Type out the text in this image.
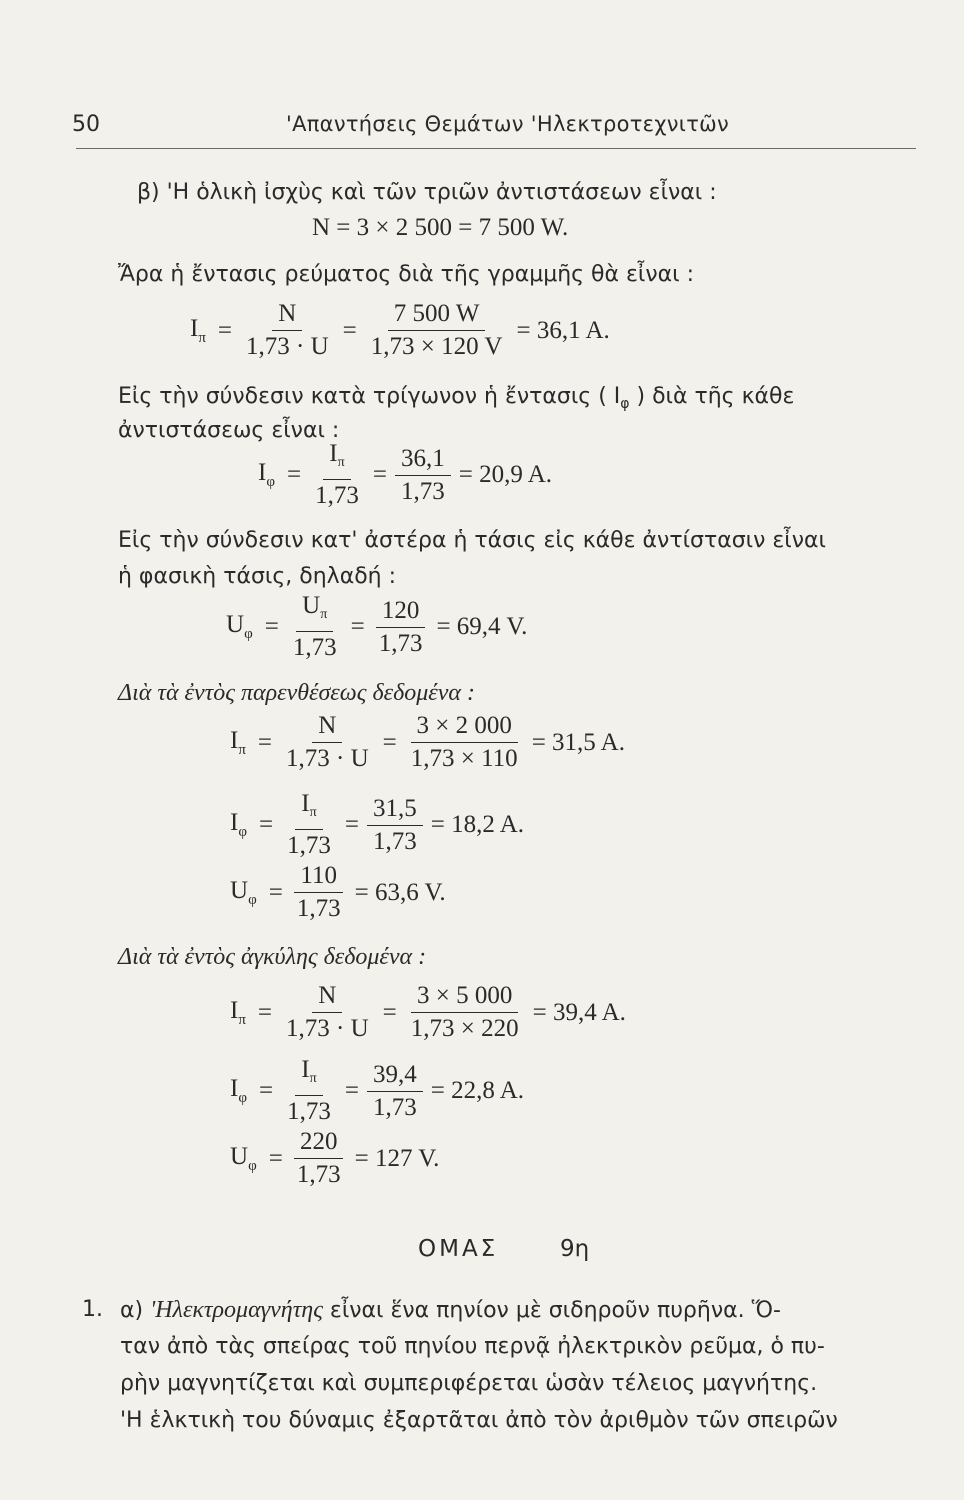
50	'Απαντήσεις Θεμάτων 'Ηλεκτροτεχνιτῶν
β) 'Η ὁλικὴ ἰσχὺς καὶ τῶν τριῶν ἀντιστάσεων εἶναι :
N = 3 × 2 500 = 7 500 W.
Ἄρα ἡ ἔντασις ρεύματος διὰ τῆς γραμμῆς θὰ εἶναι :
$I_\pi = \frac{N}{1,73 \cdot U} = \frac{7 500 W}{1,73 \times 120 V} = 36,1$ A.
Εἰς τὴν σύνδεσιν κατὰ τρίγωνον ἡ ἔντασις ( $I_\varphi$ ) διὰ τῆς κάθε
ἀντιστάσεως εἶναι :
$I_\varphi = \frac{I_\pi}{1,73} = \frac{36,1}{1,73} = 20,9$ A.
Εἰς τὴν σύνδεσιν κατ' ἀστέρα ἡ τάσις εἰς κάθε ἀντίστασιν εἶναι
ἡ φασικὴ τάσις, δηλαδή :
$U_\varphi = \frac{U_\pi}{1,73} = \frac{120}{1,73} = 69,4$ V.
Διὰ τὰ ἐντὸς παρενθέσεως δεδομένα :
$I_\pi = \frac{N}{1,73 \cdot U} = \frac{3 \times 2 000}{1,73 \times 110} = 31,5$ A.
$I_\varphi = \frac{I_\pi}{1,73} = \frac{31,5}{1,73} = 18,2$ A.
$U_\varphi = \frac{110}{1,73} = 63,6$ V.
Διὰ τὰ ἐντὸς ἀγκύλης δεδομένα :
$I_\pi = \frac{N}{1,73 \cdot U} = \frac{3 \times 5 000}{1,73 \times 220} = 39,4$ A.
$I_\varphi = \frac{I_\pi}{1,73} = \frac{39,4}{1,73} = 22,8$ A.
$U_\varphi = \frac{220}{1,73} = 127$ V.
ΟΜΑΣ	9η
1. α) 'Ηλεκτρομαγνήτης εἶναι ἕνα πηνίον μὲ σιδηροῦν πυρῆνα. Ὅ-
ταν ἀπὸ τὰς σπείρας τοῦ πηνίου περνᾷ ἠλεκτρικὸν ρεῦμα, ὁ πυ-
ρὴν μαγνητίζεται καὶ συμπεριφέρεται ὡσὰν τέλειος μαγνήτης.
'Η ἑλκτικὴ του δύναμις ἐξαρτᾶται ἀπὸ τὸν ἀριθμὸν τῶν σπειρῶν
